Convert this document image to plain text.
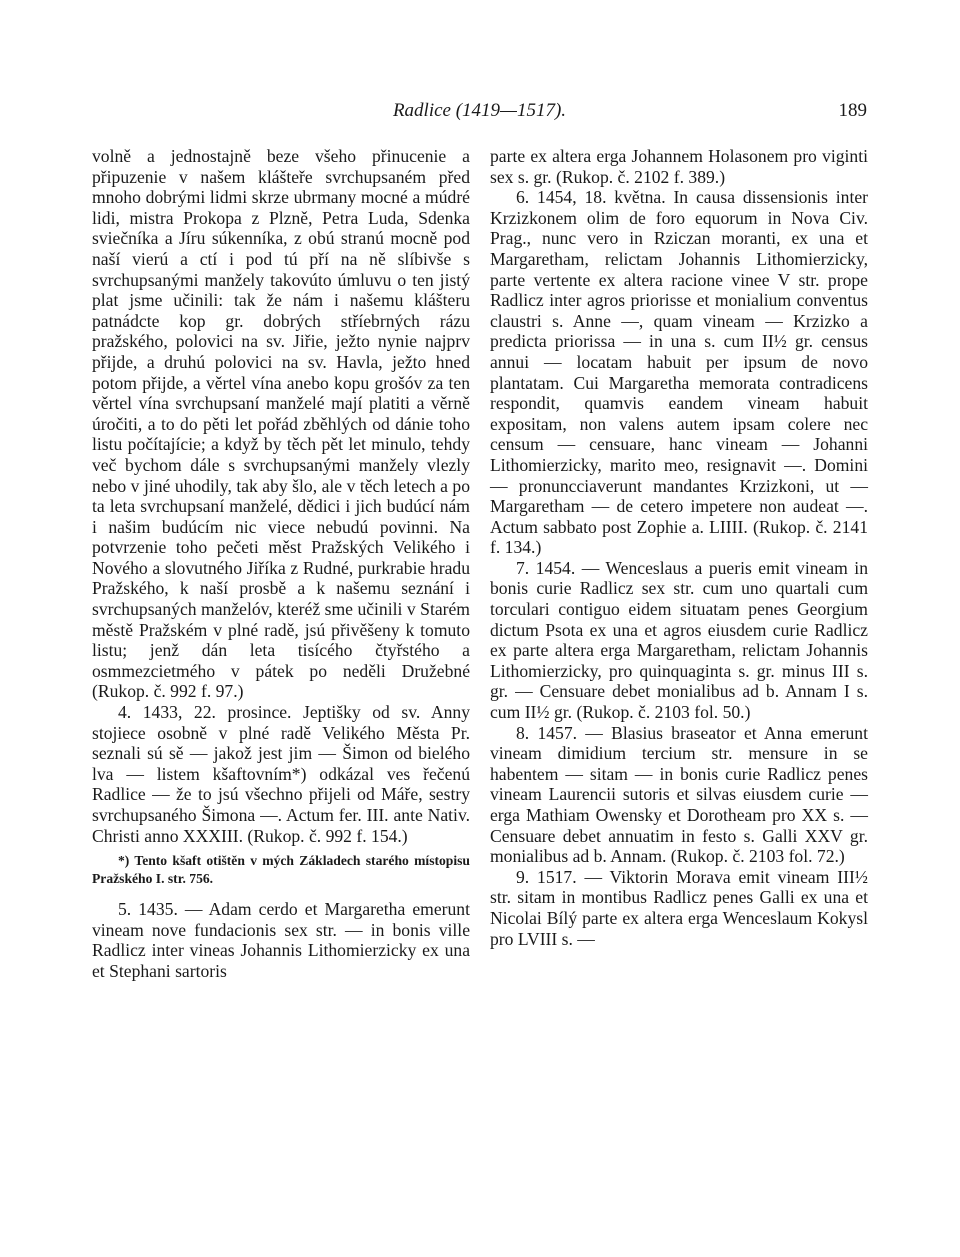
Radlice (1419—1517).	189

volně a jednostajně beze všeho přinucenie a připuzenie v našem klášteře svrchupsaném před mnoho dobrými lidmi skrze ubrmany mocné a múdré lidi, mistra Prokopa z Plzně, Petra Luda, Sdenka sviečníka a Jíru súkenníka, z obú stranú mocně pod naší vierú a ctí i pod tú pří na ně slíbivše s svrchupsanými manžely takovúto úmluvu o ten jistý plat jsme učinili: tak že nám i našemu klášteru patnádcte kop gr. dobrých stříebrných rázu pražského, polovici na sv. Jiřie, ježto nynie najprv přijde, a druhú polovici na sv. Havla, ježto hned potom přijde, a věrtel vína anebo kopu grošóv za ten věrtel vína svrchupsaní manželé mají platiti a věrně úročiti, a to do pěti let pořád zběhlých od dánie toho listu počítajície; a když by těch pět let minulo, tehdy več bychom dále s svrchupsanými manžely vlezly nebo v jiné uhodily, tak aby šlo, ale v těch letech a po ta leta svrchupsaní manželé, dědici i jich budúcí nám i našim budúcím nic viece nebudú povinni. Na potvrzenie toho pečeti měst Pražských Velikého i Nového a slovutného Jiříka z Rudné, purkrabie hradu Pražského, k naší prosbě a k našemu seznání i svrchupsaných manželóv, kteréž sme učinili v Starém městě Pražském v plné radě, jsú přivěšeny k tomuto listu; jenž dán leta tisícého čtyřstého a osmmezcietmého v pátek po neděli Družebné (Rukop. č. 992 f. 97.)

4. 1433, 22. prosince. Jeptišky od sv. Anny stojiece osobně v plné radě Velikého Města Pr. seznali sú sě — jakož jest jim — Šimon od bielého lva — listem kšaftovním*) odkázal ves řečenú Radlice — že to jsú všechno přijeli od Máře, sestry svrchupsaného Šimona —. Actum fer. III. ante Nativ. Christi anno XXXIII. (Rukop. č. 992 f. 154.)

*) Tento kšaft otištěn v mých Základech starého místopisu Pražského I. str. 756.

5. 1435. — Adam cerdo et Margaretha emerunt vineam nove fundacionis sex str. — in bonis ville Radlicz inter vineas Johannis Lithomierzicky ex una et Stephani sartoris

parte ex altera erga Johannem Holasonem pro viginti sex s. gr. (Rukop. č. 2102 f. 389.)

6. 1454, 18. května. In causa dissensionis inter Krzizkonem olim de foro equorum in Nova Civ. Prag., nunc vero in Rziczan moranti, ex una et Margaretham, relictam Johannis Lithomierzicky, parte vertente ex altera racione vinee V str. prope Radlicz inter agros priorisse et monialium conventus claustri s. Anne —, quam vineam — Krzizko a predicta priorissa — in una s. cum II½ gr. census annui — locatam habuit per ipsum de novo plantatam. Cui Margaretha memorata contradicens respondit, quamvis eandem vineam habuit expositam, non valens autem ipsam colere nec censum — censuare, hanc vineam — Johanni Lithomierzicky, marito meo, resignavit —. Domini — pronuncciaverunt mandantes Krzizkoni, ut — Margaretham — de cetero impetere non audeat —. Actum sabbato post Zophie a. LIIII. (Rukop. č. 2141 f. 134.)

7. 1454. — Wenceslaus a pueris emit vineam in bonis curie Radlicz sex str. cum uno quartali cum torculari contiguo eidem situatam penes Georgium dictum Psota ex una et agros eiusdem curie Radlicz ex parte altera erga Margaretham, relictam Johannis Lithomierzicky, pro quinquaginta s. gr. minus III s. gr. — Censuare debet monialibus ad b. Annam I s. cum II½ gr. (Rukop. č. 2103 fol. 50.)

8. 1457. — Blasius braseator et Anna emerunt vineam dimidium tercium str. mensure in se habentem — sitam — in bonis curie Radlicz penes vineam Laurencii sutoris et silvas eiusdem curie — erga Mathiam Owensky et Dorotheam pro XX s. — Censuare debet annuatim in festo s. Galli XXV gr. monialibus ad b. Annam. (Rukop. č. 2103 fol. 72.)

9. 1517. — Viktorin Morava emit vineam III½ str. sitam in montibus Radlicz penes Galli ex una et Nicolai Bílý parte ex altera erga Wenceslaum Kokysl pro LVIII s. —
